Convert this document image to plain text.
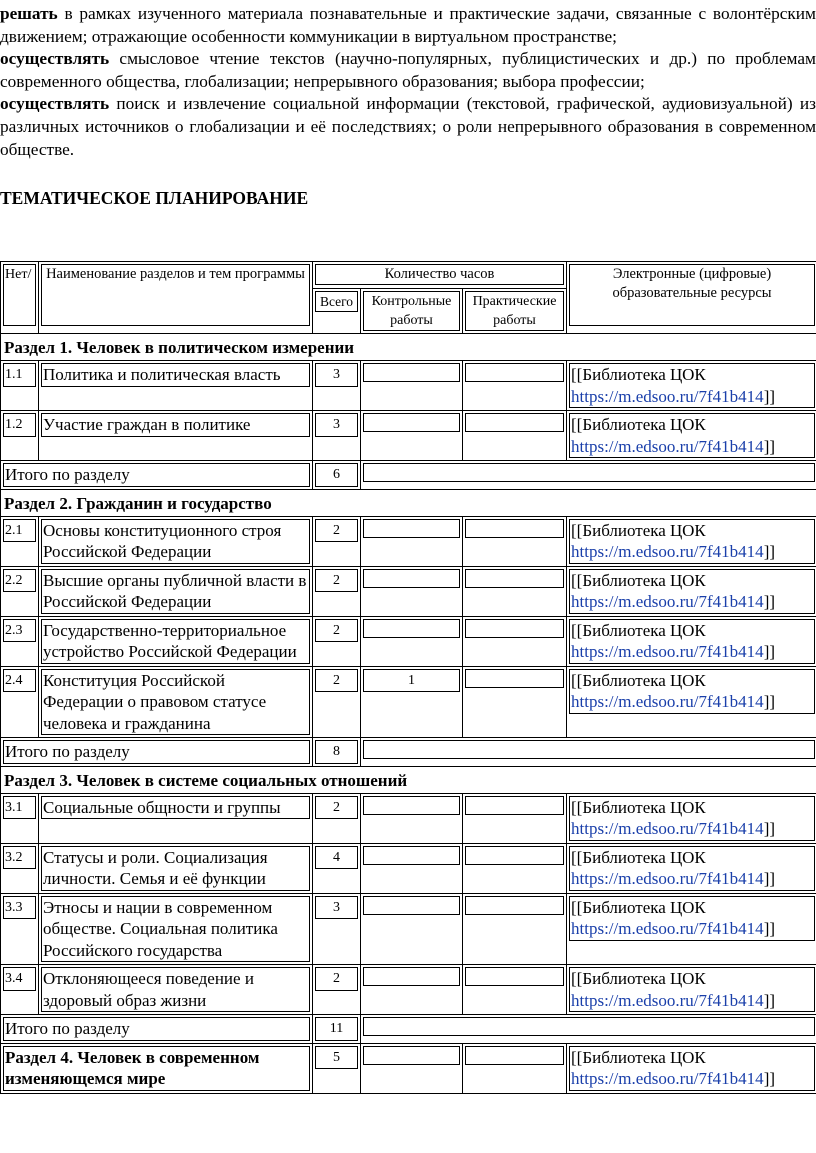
решать в рамках изученного материала познавательные и практические задачи, связанные с волонтёрским движением; отражающие особенности коммуникации в виртуальном пространстве;

осуществлять смысловое чтение текстов (научно-популярных, публицистических и др.) по проблемам современного общества, глобализации; непрерывного образования; выбора профессии;

осуществлять поиск и извлечение социальной информации (текстовой, графической, аудиовизуальной) из различных источников о глобализации и её последствиях; о роли непрерывного образования в современном обществе.

ТЕМАТИЧЕСКОЕ ПЛАНИРОВАНИЕ
Нет/	Наименование разделов и тем программы	Количество часов			Электронные (цифровые) образовательные ресурсы

		Всего	Контрольные работы	Практические работы	

Раздел 1. Человек в политическом измерении					

1.1	Политика и политическая власть	3			[[Библиотека ЦОК https://m.edsoo.ru/7f41b414]]

1.2	Участие граждан в политике	3			[[Библиотека ЦОК https://m.edsoo.ru/7f41b414]]

Итого по разделу		6			

Раздел 2. Гражданин и государство					

2.1	Основы конституционного строя Российской Федерации	2			[[Библиотека ЦОК https://m.edsoo.ru/7f41b414]]

2.2	Высшие органы публичной власти в Российской Федерации	2			[[Библиотека ЦОК https://m.edsoo.ru/7f41b414]]

2.3	Государственно-территориальное устройство Российской Федерации	2			[[Библиотека ЦОК https://m.edsoo.ru/7f41b414]]

2.4	Конституция Российской Федерации о правовом статусе человека и гражданина	2	1		[[Библиотека ЦОК https://m.edsoo.ru/7f41b414]]

Итого по разделу		8			

Раздел 3. Человек в системе социальных отношений					

3.1	Социальные общности и группы	2			[[Библиотека ЦОК https://m.edsoo.ru/7f41b414]]

3.2	Статусы и роли. Социализация личности. Семья и её функции	4			[[Библиотека ЦОК https://m.edsoo.ru/7f41b414]]

3.3	Этносы и нации в современном обществе. Социальная политика Российского государства	3			[[Библиотека ЦОК https://m.edsoo.ru/7f41b414]]

3.4	Отклоняющееся поведение и здоровый образ жизни	2			[[Библиотека ЦОК https://m.edsoo.ru/7f41b414]]

Итого по разделу		11			

Раздел 4. Человек в современном изменяющемся мире		5			[[Библиотека ЦОК https://m.edsoo.ru/7f41b414]]
